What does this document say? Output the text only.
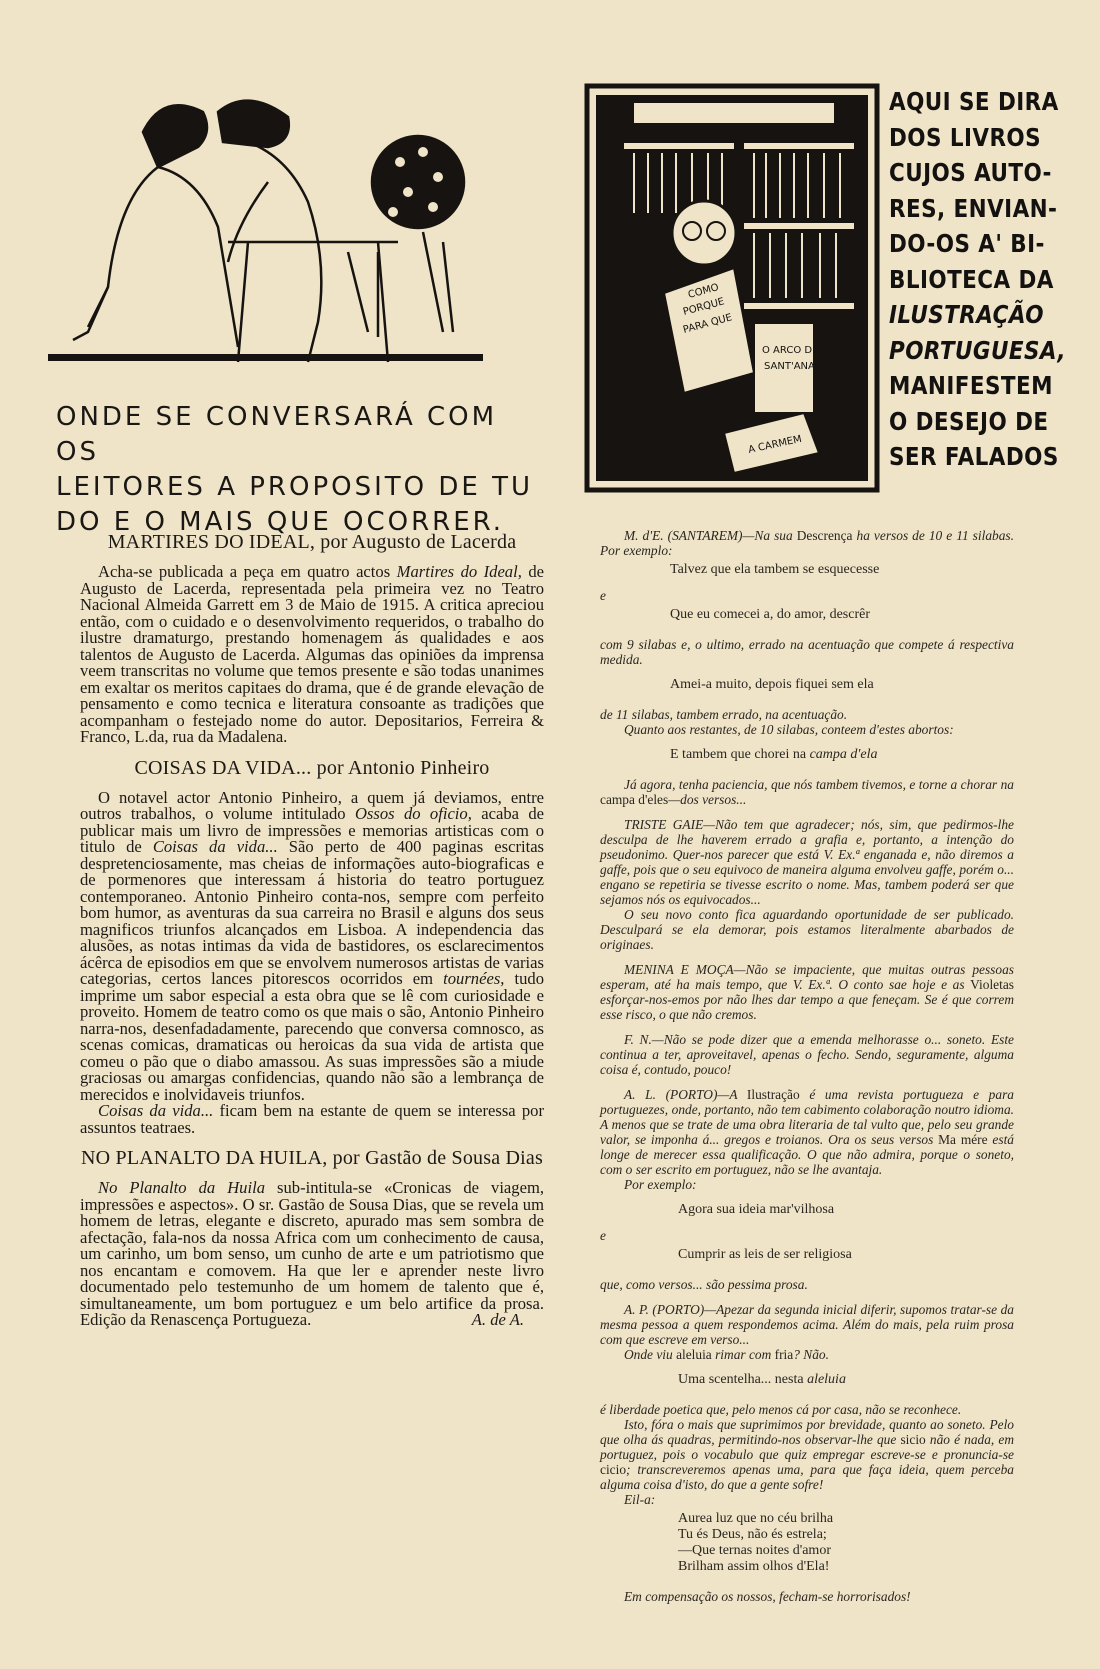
ONDE SE CONVERSARÁ COM OS
LEITORES A PROPOSITO DE TU
DO E O MAIS QUE OCORRER.
COMO
PORQUE
PARA QUE
O ARCO DE
SANT'ANA
A CARMEM
AQUI SE DIRA
DOS LIVROS
CUJOS AUTO-
RES, ENVIAN-
DO-OS A' BI-
BLIOTECA DA
ILUSTRAÇÃO
PORTUGUESA,
MANIFESTEM
O DESEJO DE
SER FALADOS
MARTIRES DO IDEAL, por Augusto de Lacerda

Acha-se publicada a peça em quatro actos Martires do Ideal, de Augusto de Lacerda, representada pela primeira vez no Teatro Nacional Almeida Garrett em 3 de Maio de 1915. A critica apreciou então, com o cuidado e o desenvolvimento requeridos, o trabalho do ilustre dramaturgo, prestando homenagem ás qualidades e aos talentos de Augusto de Lacerda. Algumas das opiniões da imprensa veem transcritas no volume que temos presente e são todas unanimes em exaltar os meritos capitaes do drama, que é de grande elevação de pensamento e como tecnica e literatura consoante as tradições que acompanham o festejado nome do autor. Depositarios, Ferreira & Franco, L.da, rua da Madalena.

COISAS DA VIDA... por Antonio Pinheiro

O notavel actor Antonio Pinheiro, a quem já deviamos, entre outros trabalhos, o volume intitulado Ossos do oficio, acaba de publicar mais um livro de impressões e memorias artisticas com o titulo de Coisas da vida... São perto de 400 paginas escritas despretenciosamente, mas cheias de informações auto-biograficas e de pormenores que interessam á historia do teatro portuguez contemporaneo. Antonio Pinheiro conta-nos, sempre com perfeito bom humor, as aventuras da sua carreira no Brasil e alguns dos seus magnificos triunfos alcançados em Lisboa. A independencia das alusões, as notas intimas da vida de bastidores, os esclarecimentos ácêrca de episodios em que se envolvem numerosos artistas de varias categorias, certos lances pitorescos ocorridos em tournées, tudo imprime um sabor especial a esta obra que se lê com curiosidade e proveito. Homem de teatro como os que mais o são, Antonio Pinheiro narra-nos, desenfadadamente, parecendo que conversa comnosco, as scenas comicas, dramaticas ou heroicas da sua vida de artista que comeu o pão que o diabo amassou. As suas impressões são a miude graciosas ou amargas confidencias, quando não são a lembrança de merecidos e inolvidaveis triunfos.

Coisas da vida... ficam bem na estante de quem se interessa por assuntos teatraes.

NO PLANALTO DA HUILA, por Gastão de Sousa Dias

No Planalto da Huila sub-intitula-se «Cronicas de viagem, impressões e aspectos». O sr. Gastão de Sousa Dias, que se revela um homem de letras, elegante e discreto, apurado mas sem sombra de afectação, fala-nos da nossa Africa com um conhecimento de causa, um carinho, um bom senso, um cunho de arte e um patriotismo que nos encantam e comovem. Ha que ler e aprender neste livro documentado pelo testemunho de um homem de talento que é, simultaneamente, um bom portuguez e um belo artifice da prosa. Edição da Renascença Portugueza.	A. de A.

M. d'E. (SANTAREM)—Na sua Descrença ha versos de 10 e 11 silabas. Por exemplo:

Talvez que ela tambem se esquecesse
e
Que eu comecei a, do amor, descrêr

com 9 silabas e, o ultimo, errado na acentuação que compete á respectiva medida.

Amei-a muito, depois fiquei sem ela

de 11 silabas, tambem errado, na acentuação.

Quanto aos restantes, de 10 silabas, conteem d'estes abortos:

E tambem que chorei na campa d'ela

Já agora, tenha paciencia, que nós tambem tivemos, e torne a chorar na campa d'eles—dos versos...

TRISTE GAIE—Não tem que agradecer; nós, sim, que pedirmos-lhe desculpa de lhe haverem errado a grafia e, portanto, a intenção do pseudonimo. Quer-nos parecer que está V. Ex.ª enganada e, não diremos a gaffe, pois que o seu equivoco de maneira alguma envolveu gaffe, porém o... engano se repetiria se tivesse escrito o nome. Mas, tambem poderá ser que sejamos nós os equivocados...

O seu novo conto fica aguardando oportunidade de ser publicado. Desculpará se ela demorar, pois estamos literalmente abarbados de originaes.

MENINA E MOÇA—Não se impaciente, que muitas outras pessoas esperam, até ha mais tempo, que V. Ex.ª. O conto sae hoje e as Violetas esforçar-nos-emos por não lhes dar tempo a que feneçam. Se é que correm esse risco, o que não cremos.

F. N.—Não se pode dizer que a emenda melhorasse o... soneto. Este continua a ter, aproveitavel, apenas o fecho. Sendo, seguramente, alguma coisa é, contudo, pouco!

A. L. (PORTO)—A Ilustração é uma revista portugueza e para portuguezes, onde, portanto, não tem cabimento colaboração noutro idioma. A menos que se trate de uma obra literaria de tal vulto que, pelo seu grande valor, se imponha á... gregos e troianos. Ora os seus versos Ma mére está longe de merecer essa qualificação. O que não admira, porque o soneto, com o ser escrito em portuguez, não se lhe avantaja.

Por exemplo:

Agora sua ideia mar'vilhosa
e
Cumprir as leis de ser religiosa

que, como versos... são pessima prosa.

A. P. (PORTO)—Apezar da segunda inicial diferir, supomos tratar-se da mesma pessoa a quem respondemos acima. Além do mais, pela ruim prosa com que escreve em verso...

Onde viu aleluia rimar com fria? Não.

Uma scentelha... nesta aleluia

é liberdade poetica que, pelo menos cá por casa, não se reconhece.

Isto, fóra o mais que suprimimos por brevidade, quanto ao soneto. Pelo que olha ás quadras, permitindo-nos observar-lhe que sicio não é nada, em portuguez, pois o vocabulo que quiz empregar escreve-se e pronuncia-se cicio; transcreveremos apenas uma, para que faça ideia, quem perceba alguma coisa d'isto, do que a gente sofre!

Eil-a:

Aurea luz que no céu brilha
Tu és Deus, não és estrela;
—Que ternas noites d'amor
Brilham assim olhos d'Ela!

Em compensação os nossos, fecham-se horrorisados!
